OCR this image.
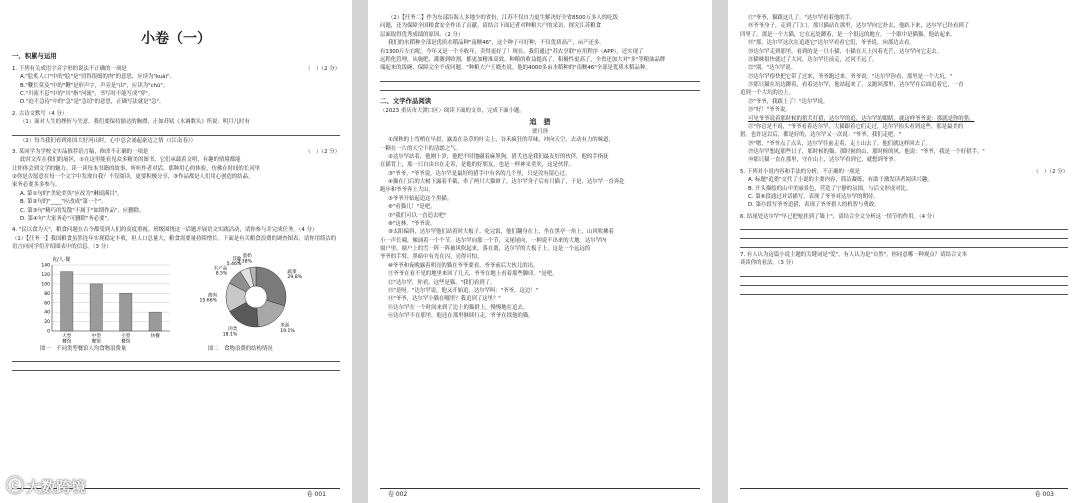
小卷（一）
一、积累与运用
1. 下列有关成语字音字形的说法不正确的一项是	（　）（2 分）
A."脍炙人口"中的"脍"是"切得很细的肉"的意思，应读为"kuài"。
B."鞭长莫及"中的"鞭"是形声字，声旁是"由"，应读为"chū"。
C."川流不息"中的"川"指"河流"，书写时不能写成"穿"。
D."迫不急待"中的"急"是"急切"的意思，正确写法就是"急"。
2. 古诗文默写（4 分）
（1）面对人生的挫折与失意，我们要保持豁达的胸襟，正如苏轼《水调歌头》所说：明月几时有
（2）每当我们看到祖国大好河山时，心中总会涌起豪迈之情（《江南春》）
3. 某同学为学校文实品推荐语言稿，修改不正确的一项是	（　）（2 分）
此时文库在我们的展区，①在这里能看见众多精美的图书，它们承载着文明，有趣的情境都能
让你体会到文学的魅力。读一读每本书籍的故事，听听作者对话，那种用心的体验，仿佛在时间的长河里
②你是否愿意在每一个文字中发现自我？不仅阅读，更要积极分享，③作品都是人们用心创造的结晶，
家务必要多多参与。
A. 第①句的"美轮美奂"应改为"琳琅满目"。
B. 第②句的"____"应改成"第一个"。
C. 第③句"精巧的发散"不属于"如期作品"，应删除。
D. 第④句"大家务必"可删除"务必要"。
4. "民以食为天"，粮食问题在古今都受到人们的高度重视。班级围绕这一话题开展语文实践活动，请你参与并完成任务。（4 分）
（1）【任务一】我国粮食虽然连年实现稳定丰收，但人口总量大，粮食需要量持续增长。下面是有关粮食浪费的调查图表，请你用简洁的语言向同学们介绍图表中的信息。（3 分）
克/人·餐
0
20
40
60
80
100
120
140
大型
餐馆
中型
餐馆
小型
餐馆
快餐
蔬菜
29.8%
米面
19.1%
肉类
18.1%
禽肉
15.66%
水产品
8.5%
其他
5.46%
蛋奶
3.38%
图一　不同类型餐馆人均食物浪费量	图二　食物浪费的结构情况
卷 001
ⓒ 大数跨境
（2）【任务二】作为东部沿海人多地少的省份，江苏不仅自力更生解决好全省8500万多人的吃饭
问题，还为保障全国粮食安全作出了贡献。请结合下面记者对种粮大户的采访，探究江苏粮食
层面取得优秀成绩的原因。（2 分）
我们的水稻种全部是优质水稻品种"南粳46"，这个种子可好种，不仅优质高产，亩产还多。
有1300斤左右呢。今年又是一个丰收年，卖得更好了！现在，我们通过"苏农享联"应用程序（APP），还实现了
远程化管理，从施肥、灌溉到收割，都更加精准高效。种粮的收益提高了，积极性更高了，全省还加大对"多"等粮油品牌
端起来的饭碗、保障完全不成问题。"种粮大户王晓杰说。他的4000多亩水稻种的"南粳46"全部是优质水稻品种。
二、文学作品阅读
（2023 重庆市大渡口区）阅读下面的文章，完成下面小题。
追　猎
贾月珍
①深秋的上弯梢在早晨，露盖在杂草的叶尖上，谷禾疯狂的草味，冲向天空，去动有力的味道，
一颗在一片的天空下的清朗之气。
②达尔罕站着，他刚十岁，他把不时地磁着麻黑狗，猎犬也是我们最友好的伙伴，他的手指抚
在猫背上，那一只自由自在走着，是他的好朋友，也是一样神采奕奕，这是伙伴。
③"爷爷，"爷爷说，达尔罕是最好的猎手中有名的几个里，只是没有留心过。
④猫在门后的大树下露着半截，牵了两只大猫窜了，达尔罕身子后有只猫了，于是，达尔罕一直奔赴
跑步和爷爷奔上大山。
⑤爷爷开始起追这个黑猫。
⑥"看猫儿！"是吧。
⑦"我们可以一直追去吧"
⑧"这林。"爷爷说。
⑨太阳偏斜，达尔罕他们站着时大板子，吃完饭，他们翻身在上，坐在黑亭一角上，山风吹拂着
小一声长啸，像诵着一个个节，达尔罕向那一个节，又尾尾向，一种说不出来的大地。达尔罕内
窗户里，窗户上的雪一阵一阵被风吹起来，落在离，达尔罕的大板子上，这是一个远远的
爷爷的手臂，黑暗中有光在闪，亮得可怕。
⑩爷爷和夜晚露着明亮的猫在爷爷要看，爷爷前后大伙儿的出。
⑪爷爷在看不见的地里来回了几天，爷爷在地上看着那些脚印。"是吧，
⑫"达尔罕，你看，这些是猫，"我们看到了。
⑬"是呀。"达尔罕说，他又开始追，达尔罕叫："爷爷，这边！"
⑭"爷爷，达尔罕小猫在哪里？我追到了这里？"
⑮达尔罕在一个时间来到了边上的猫群上，慢慢地在追去。
⑯达尔罕不在那里，他还在那里继续行走，爷爷在找他的猫。
卷 002
⑰"爷爷，猫跟这儿了。"达尔罕看着他的手。
⑱爷爷身子，走到了门口，那只猫站在那里，达尔罕向它扑去，他趴下来，达尔罕已经看到了
四里了。那是一个大猫，它在远处蹲着，是一个很远的地方。一个眼中是猫猫，他站起来。
⑲"那，达尔罕这次在追逐它"达尔罕看看它们，爷爷说，向那边去看。
⑳达尔罕走到那里，看到的是一只小猫，小猫在天上闪着光芒，达尔罕向它走去。
㉑猫咪很快就过了大河，达尔罕往前走，过河不远了。
㉒"别。"达尔罕说。
㉓达尔罕很快把它带了过来，爷爷跑过来。爷爷说："达尔罕你看，那里是一个大坑。"
㉔那只猫在坑边蹲着，看着达尔罕，他站起来了，又跑回那里，达尔罕在后面追着它，一直
追到一个大坑的边上。
㉕"爷爷，我跟上了！"达尔罕说。
㉖"好！"爷爷说。
可见爷爷说着那时候的猎犬打猎，达尔罕的追，达尔罕的眼睛，就这样爷爷说：那就是你的猎。
㉗"你总是不说，"爷爷看着达尔罕，大猫跟着它们走过，达尔罕抬头看到这些，那是最美的
猎。也许这以后，都是好的，达尔罕又一次说："爷爷，我们走吧。"
㉘"嗯，"爷爷点了点头，达尔罕往前走着，走上山去了，他们就这样回去了。
㉙达尔罕想起那些日子，那时候的猫，那时候的山，那时候的风，他说："爷爷，我是一个好猎手。"
㉚那只猫一直在那里，守在山上，达尔罕看到它，就想到爷爷。
5. 下列对小说内容和手法的分析，不正确的一项是	（　）（2 分）
A. 标题"追猎"交代了小说的主要内容，简洁凝练，有助于激发读者阅读兴趣。
B. 开头描绘的山中美丽景色，营造了宁静的氛围，与后文形成对比。
C. 第⑥段通过对话描写，表现了爷爷对达尔罕的期待。
D. 第⑬段写爷爷追猎，表现了爷爷猎人的机智与勇敢。
6. 结尾处达尔罕"早已把枪挂到了墙上"，请结合全文分析这一情节的作用。（4 分）
7. 有人认为这篇小说主题的关键词是"爱"，有人认为是"自然"。你同意哪一种观点？请结合文本
谈谈你的看法。（3 分）
卷 003
